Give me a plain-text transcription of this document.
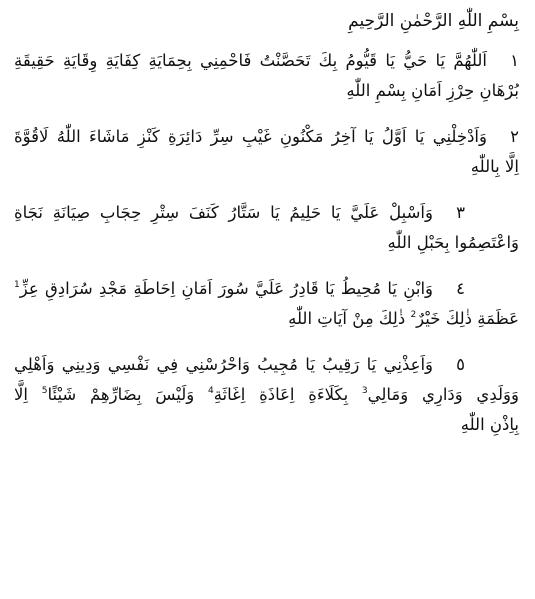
بِسْمِ اللّٰهِ الرَّحْمٰنِ الرَّحِيمِ
١اَللّٰهُمَّ يَا حَيُّ يَا قَيُّومُ بِكَ تَحَصَّنْتُ فَاحْمِنِي بِحِمَايَةِ كِفَايَةِ وِقَايَةِ حَقِيقَةِ
بُرْهَانِ حِرْزِ اَمَانِ بِسْمِ اللّٰهِ
٢وَاَدْخِلْنِي يَا اَوَّلُ يَا آخِرُ مَكْنُونِ غَيْبِ سِرِّ دَائِرَةِ كَنْزِ مَاشَاءَ اللّٰهُ لَاقُوَّةَ
اِلَّا بِاللّٰهِ
٣وَاَسْبِلْ عَلَيَّ يَا حَلِيمُ يَا سَتَّارُ كَنَفَ سِتْرِ حِجَابِ صِيَانَةِ نَجَاةِ
وَاعْتَصِمُوا بِحَبْلِ اللّٰهِ
٤وَابْنِ يَا مُحِيطُ يَا قَادِرُ عَلَيَّ سُورَ اَمَانِ اِحَاطَةِ مَجْدِ سُرَادِقِ عِزِّ$^1$
عَظَمَةِ ذٰلِكَ خَيْرٌ$^2$ ذٰلِكَ مِنْ آيَاتِ اللّٰهِ
٥وَاَعِذْنِي يَا رَقِيبُ يَا مُجِيبُ وَاحْرُسْنِي فِي نَفْسِي وَدِينِي وَاَهْلِي
وَوَلَدِي وَدَارِي وَمَالِي$^3$ بِكَلَاءَةِ اِعَاذَةِ اِغَاثَةِ$^4$ وَلَيْسَ بِضَارِّهِمْ شَيْئًا$^5$ اِلَّا
بِاِذْنِ اللّٰهِ
